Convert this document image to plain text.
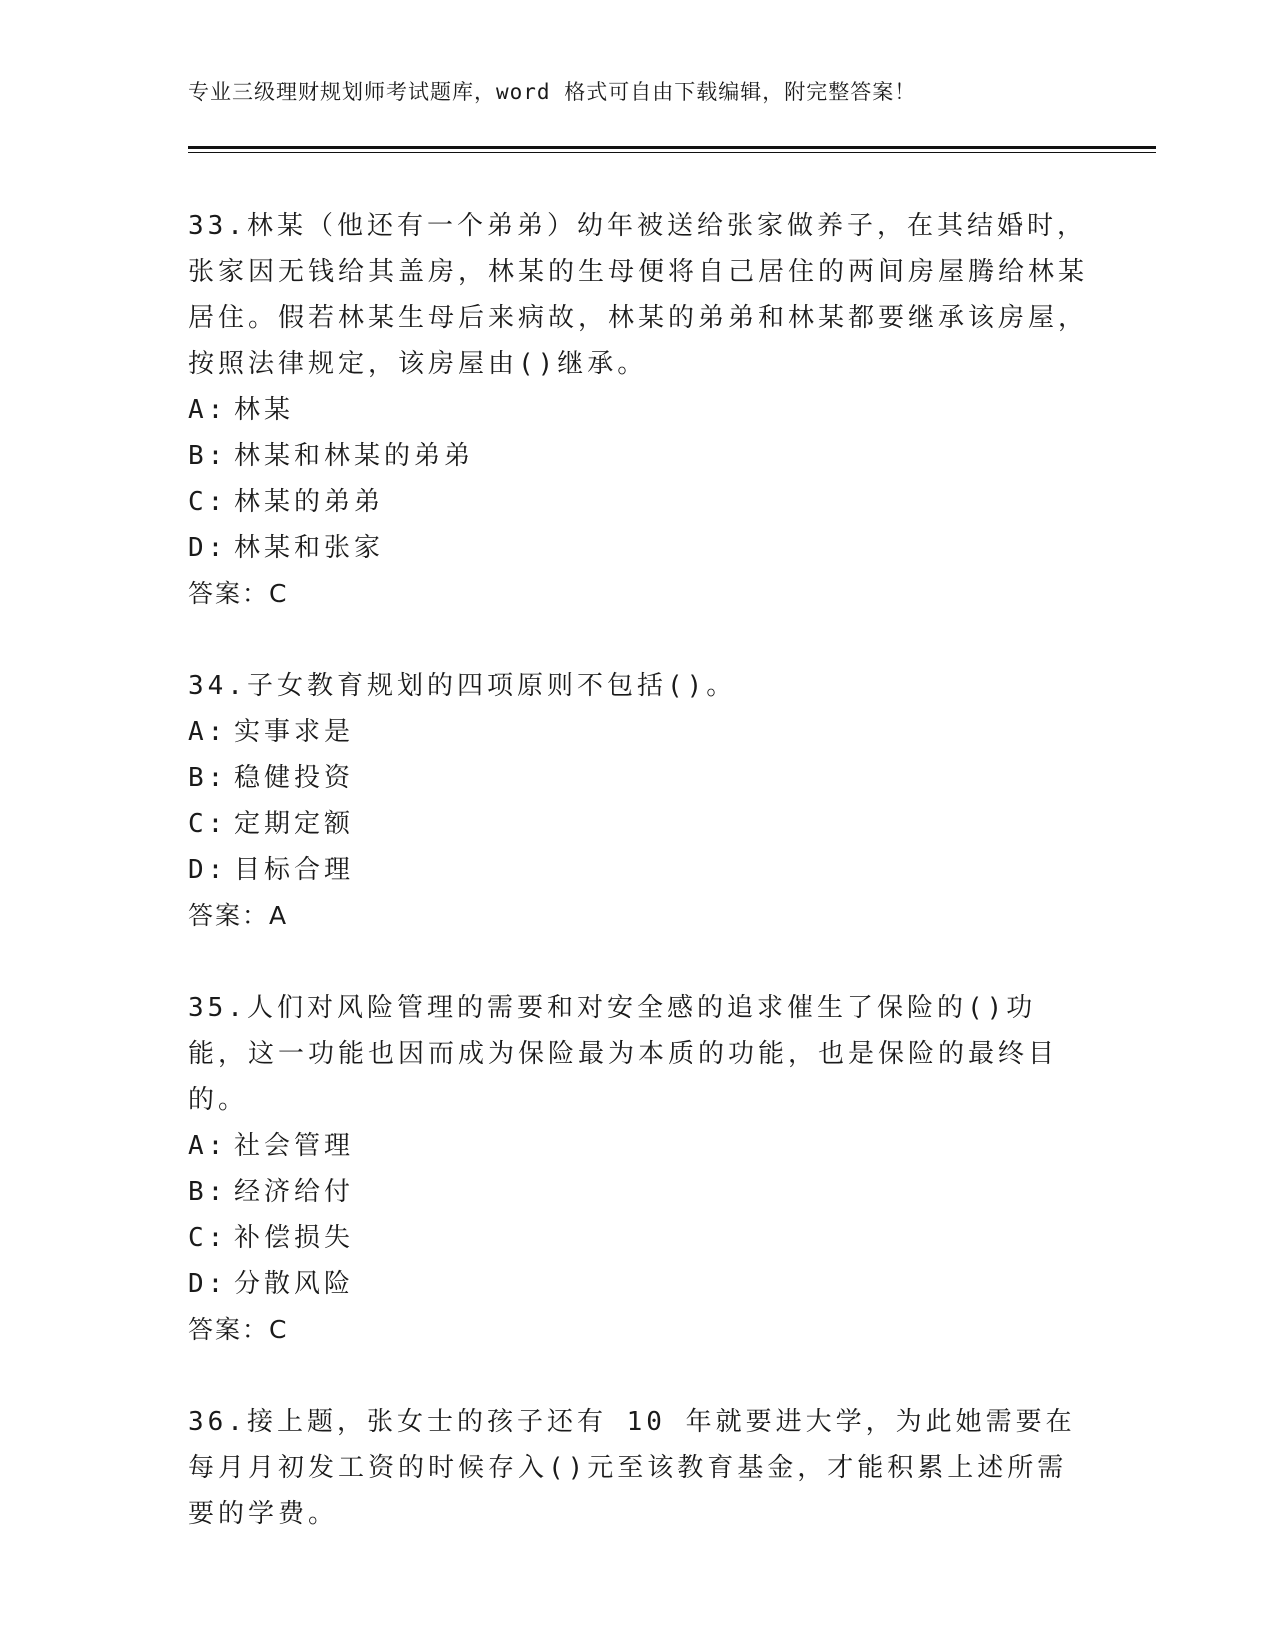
专业三级理财规划师考试题库，word 格式可自由下载编辑，附完整答案！

33.林某（他还有一个弟弟）幼年被送给张家做养子，在其结婚时，张家因无钱给其盖房，林某的生母便将自己居住的两间房屋腾给林某居住。假若林某生母后来病故，林某的弟弟和林某都要继承该房屋，按照法律规定，该房屋由()继承。

A: 林某
B: 林某和林某的弟弟
C: 林某的弟弟
D: 林某和张家
答案：C

34.子女教育规划的四项原则不包括()。

A: 实事求是
B: 稳健投资
C: 定期定额
D: 目标合理
答案：A

35.人们对风险管理的需要和对安全感的追求催生了保险的()功能，这一功能也因而成为保险最为本质的功能，也是保险的最终目的。

A: 社会管理
B: 经济给付
C: 补偿损失
D: 分散风险
答案：C

36.接上题，张女士的孩子还有 10 年就要进大学，为此她需要在每月月初发工资的时候存入()元至该教育基金，才能积累上述所需要的学费。
